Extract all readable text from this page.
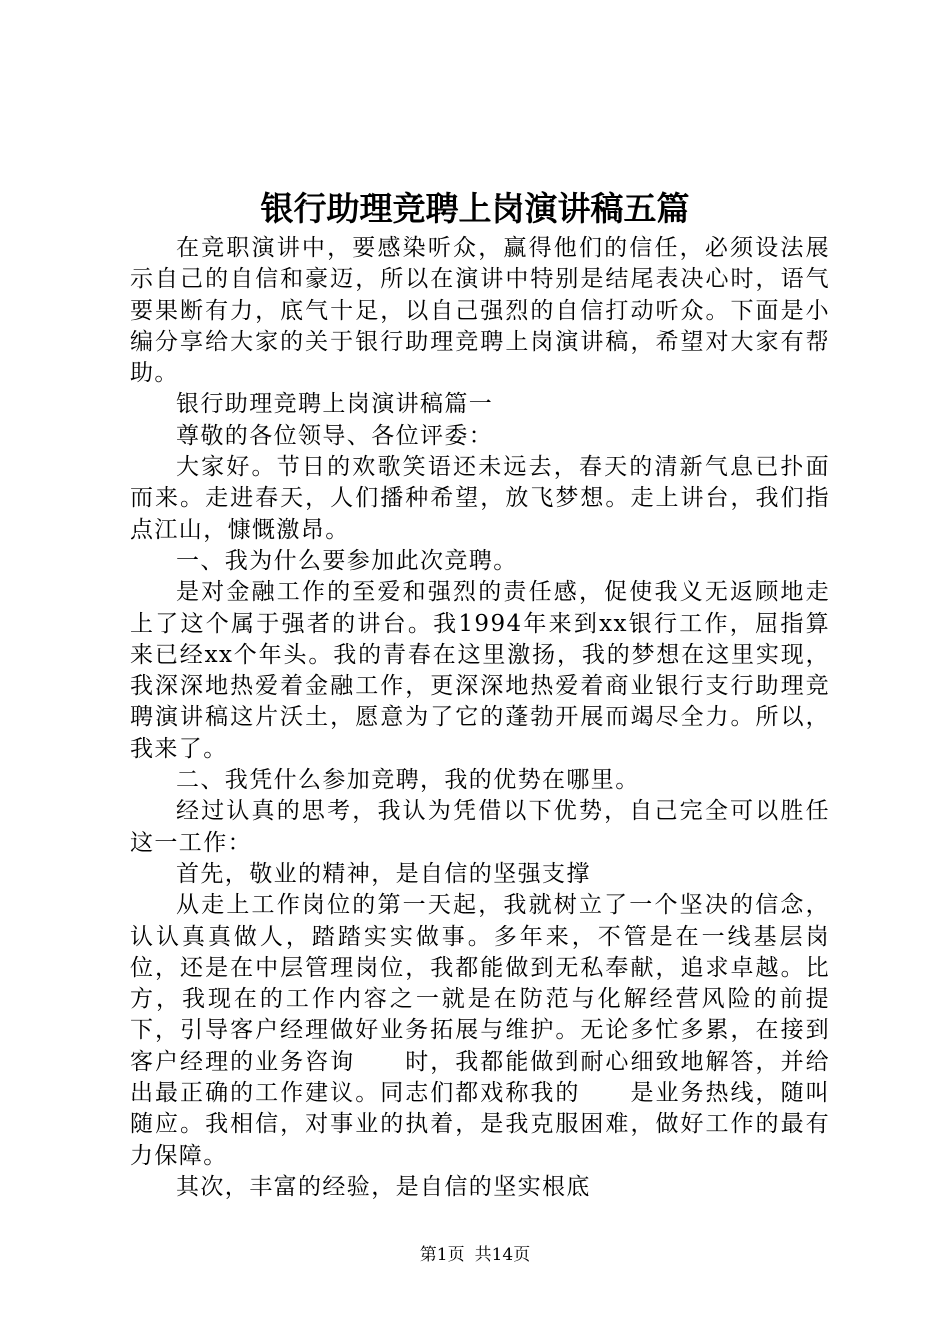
银行助理竞聘上岗演讲稿五篇

在竞职演讲中，要感染听众，赢得他们的信任，必须设法展示自己的自信和豪迈，所以在演讲中特别是结尾表决心时，语气要果断有力，底气十足，以自己强烈的自信打动听众。下面是小编分享给大家的关于银行助理竞聘上岗演讲稿，希望对大家有帮助。

银行助理竞聘上岗演讲稿篇一

尊敬的各位领导、各位评委：

大家好。节日的欢歌笑语还未远去，春天的清新气息已扑面而来。走进春天，人们播种希望，放飞梦想。走上讲台，我们指点江山，慷慨激昂。

一、我为什么要参加此次竞聘。

是对金融工作的至爱和强烈的责任感，促使我义无返顾地走上了这个属于强者的讲台。我1994年来到xx银行工作，屈指算来已经xx个年头。我的青春在这里激扬，我的梦想在这里实现，我深深地热爱着金融工作，更深深地热爱着商业银行支行助理竞聘演讲稿这片沃土，愿意为了它的蓬勃开展而竭尽全力。所以，我来了。

二、我凭什么参加竞聘，我的优势在哪里。

经过认真的思考，我认为凭借以下优势，自己完全可以胜任这一工作：

首先，敬业的精神，是自信的坚强支撑

从走上工作岗位的第一天起，我就树立了一个坚决的信念，认认真真做人，踏踏实实做事。多年来，不管是在一线基层岗位，还是在中层管理岗位，我都能做到无私奉献，追求卓越。比方，我现在的工作内容之一就是在防范与化解经营风险的前提下，引导客户经理做好业务拓展与维护。无论多忙多累，在接到客户经理的业务咨询　　时，我都能做到耐心细致地解答，并给出最正确的工作建议。同志们都戏称我的　　是业务热线，随叫随应。我相信，对事业的执着，是我克服困难，做好工作的最有力保障。

其次，丰富的经验，是自信的坚实根底

第1页 共14页
